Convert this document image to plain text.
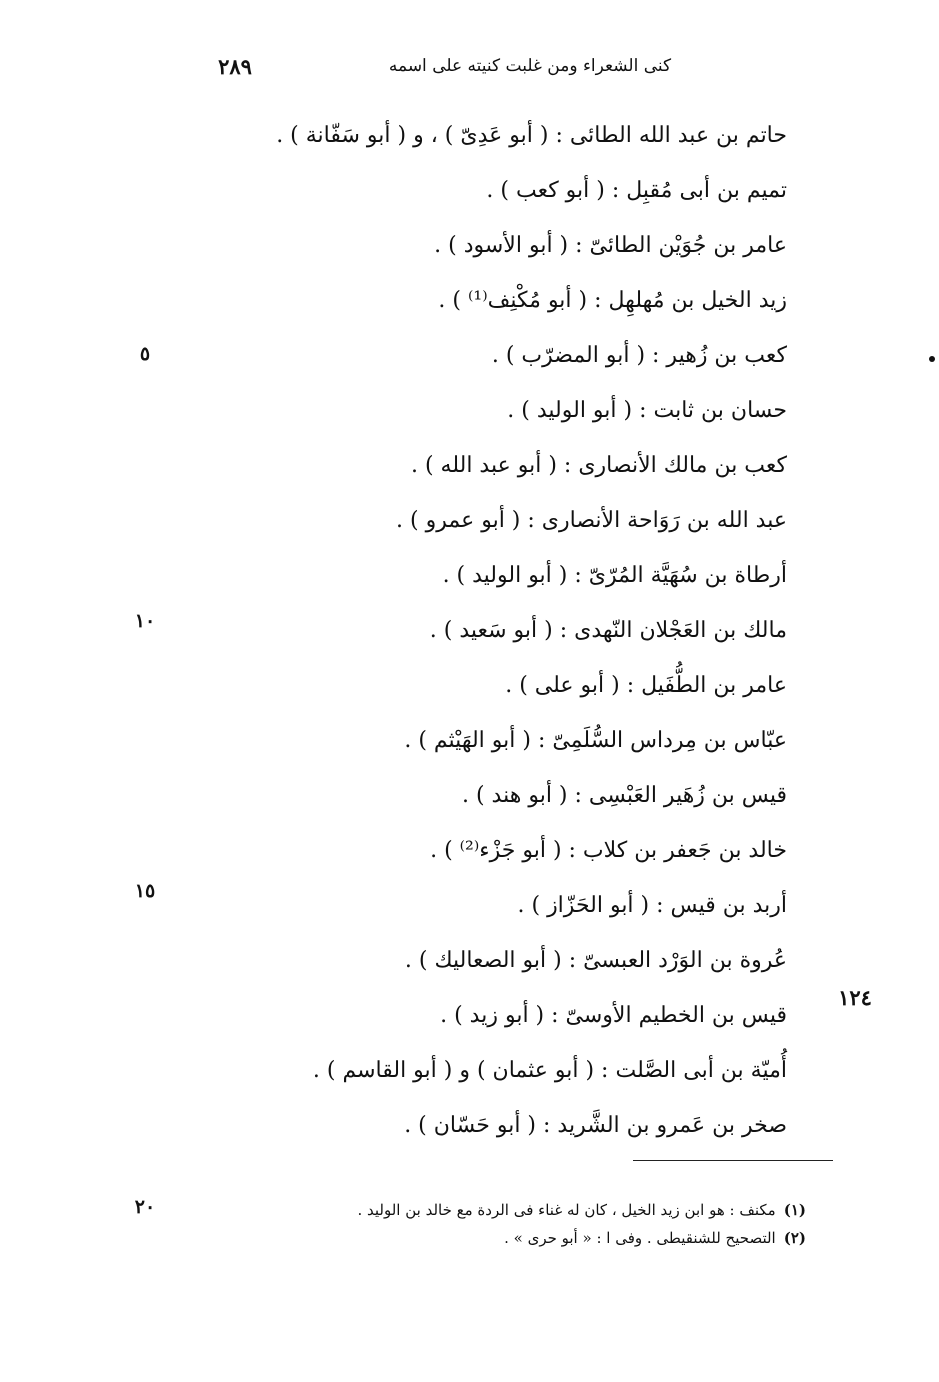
كنى الشعراء ومن غلبت كنيته على اسمه
٢٨٩
حاتم بن عبد الله الطائى : ( أبو عَدِىّ ) ، و ( أبو سَفّانة ) .
تميم بن أبى مُقبِل : ( أبو كعب ) .
عامر بن جُوَيْن الطائىّ : ( أبو الأسود ) .
زيد الخيل بن مُهلهِل : ( أبو مُكْنِف⁽¹⁾ ) .
كعب بن زُهير : ( أبو المضرّب ) .
حسان بن ثابت : ( أبو الوليد ) .
كعب بن مالك الأنصارى : ( أبو عبد الله ) .
عبد الله بن رَوَاحة الأنصارى : ( أبو عمرو ) .
أرطاة بن سُهَيَّة المُرّىّ : ( أبو الوليد ) .
مالك بن العَجْلان النّهدى : ( أبو سَعيد ) .
عامر بن الطُّفَيل : ( أبو على ) .
عبّاس بن مِرداس السُّلَمِىّ : ( أبو الهَيْثم ) .
قيس بن زُهَير العَبْسِى : ( أبو هند ) .
خالد بن جَعفر بن كلاب : ( أبو جَزْء⁽²⁾ ) .
أربد بن قيس : ( أبو الحَزّاز ) .
عُروة بن الوَرْد العبسىّ : ( أبو الصعاليك ) .
قيس بن الخطيم الأوسىّ : ( أبو زيد ) .
أُميّة بن أبى الصَّلت : ( أبو عثمان ) و ( أبو القاسم ) .
صخر بن عَمرو بن الشَّريد : ( أبو حَسّان ) .
٥
١٠
١٥
٢٠
١٢٤
(١)مكنف : هو ابن زيد الخيل ، كان له غناء فى الردة مع خالد بن الوليد .
(٢)التصحيح للشنقيطى . وفى ا : « أبو حرى » .
